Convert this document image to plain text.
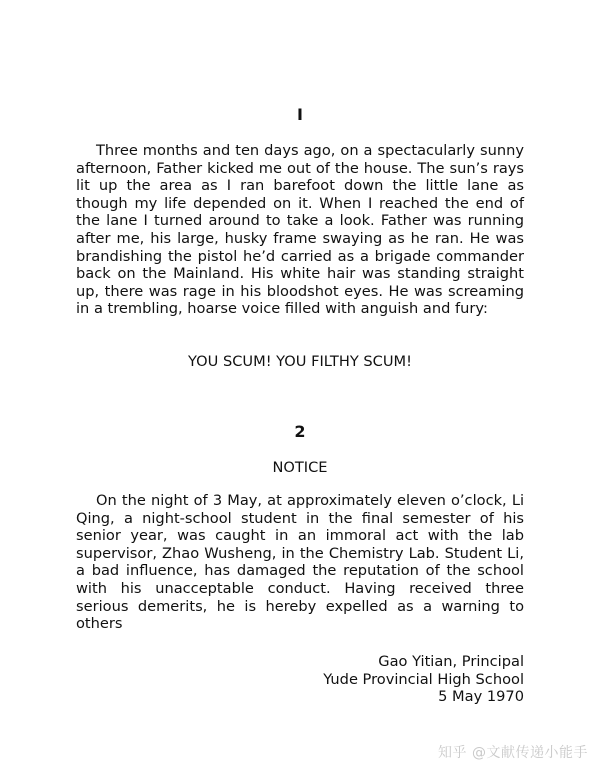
I

Three months and ten days ago, on a spectacularly sunny afternoon, Father kicked me out of the house. The sun’s rays lit up the area as I ran barefoot down the little lane as though my life depended on it. When I reached the end of the lane I turned around to take a look. Father was running after me, his large, husky frame swaying as he ran. He was brandishing the pistol he’d carried as a brigade commander back on the Mainland. His white hair was standing straight up, there was rage in his bloodshot eyes. He was screaming in a trembling, hoarse voice filled with anguish and fury:

YOU SCUM! YOU FILTHY SCUM!

2

NOTICE

On the night of 3 May, at approximately eleven o’clock, Li Qing, a night-school student in the final semester of his senior year, was caught in an immoral act with the lab supervisor, Zhao Wusheng, in the Chemistry Lab. Student Li, a bad influence, has damaged the reputation of the school with his unacceptable conduct. Having received three serious demerits, he is hereby expelled as a warning to others

Gao Yitian, Principal
Yude Provincial High School
5 May 1970
知乎 @文献传递小能手
